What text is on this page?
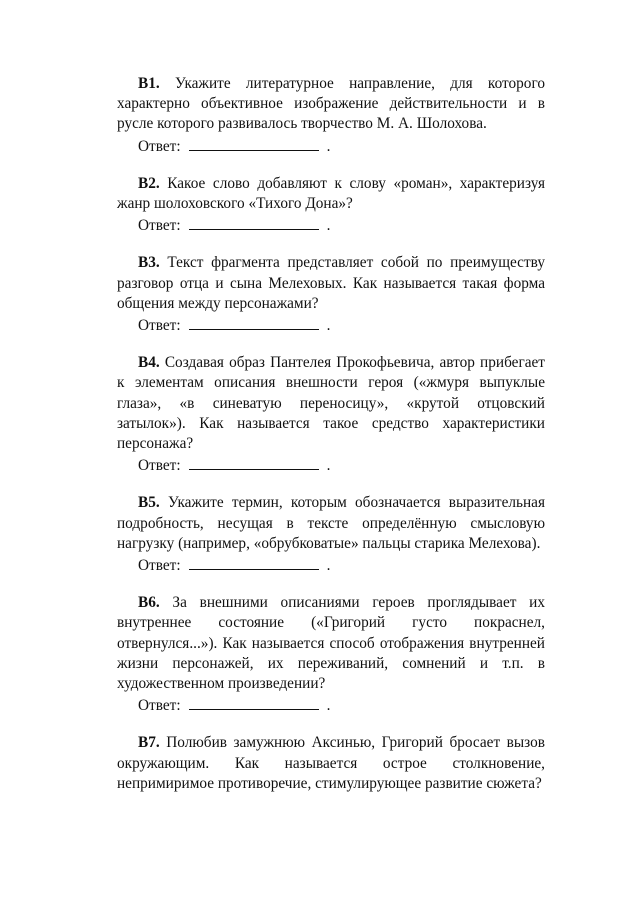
B1. Укажите литературное направление, для которого характерно объективное изображение действительности и в русле которого развивалось творчество М. А. Шолохова.
Ответ:	.
B2. Какое слово добавляют к слову «роман», характеризуя жанр шолоховского «Тихого Дона»?
Ответ:	.
B3. Текст фрагмента представляет собой по преимуществу разговор отца и сына Мелеховых. Как называется такая форма общения между персонажами?
Ответ:	.
B4. Создавая образ Пантелея Прокофьевича, автор прибегает к элементам описания внешности героя («жмуря выпуклые глаза», «в синеватую переносицу», «крутой отцовский затылок»). Как называется такое средство характеристики персонажа?
Ответ:	.
B5. Укажите термин, которым обозначается выразительная подробность, несущая в тексте определённую смысловую нагрузку (например, «обрубковатые» пальцы старика Мелехова).
Ответ:	.
B6. За внешними описаниями героев проглядывает их внутреннее состояние («Григорий густо покраснел, отвернулся...»). Как называется способ отображения внутренней жизни персонажей, их переживаний, сомнений и т.п. в художественном произведении?
Ответ:	.
B7. Полюбив замужнюю Аксинью, Григорий бросает вызов окружающим. Как называется острое столкновение, непримиримое противоречие, стимулирующее развитие сюжета?
